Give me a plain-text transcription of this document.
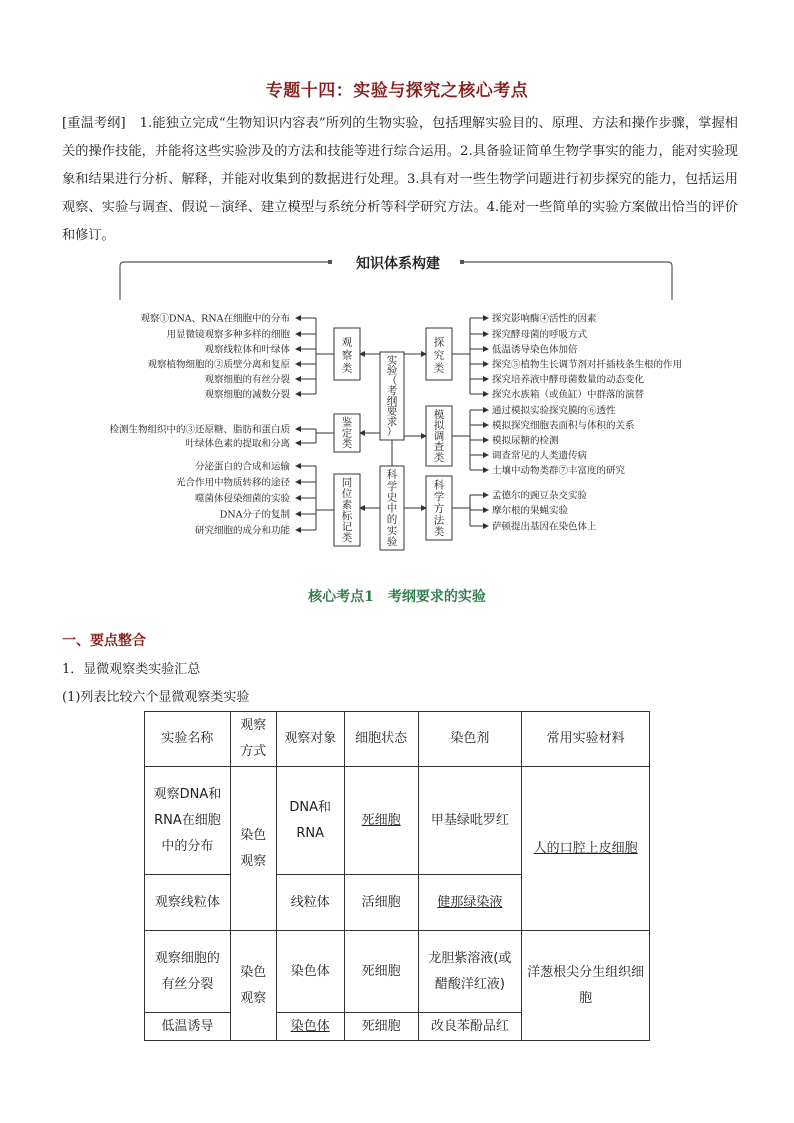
专题十四：实验与探究之核心考点
[重温考纲] 1.能独立完成“生物知识内容表”所列的生物实验，包括理解实验目的、原理、方法和操作步骤，掌握相关的操作技能，并能将这些实验涉及的方法和技能等进行综合运用。2.具备验证简单生物学事实的能力，能对实验现象和结果进行分析、解释，并能对收集到的数据进行处理。3.具有对一些生物学问题进行初步探究的能力，包括运用观察、实验与调查、假说－演绎、建立模型与系统分析等科学研究方法。4.能对一些简单的实验方案做出恰当的评价和修订。
知识体系构建
实验（考纲要求）
科学史中的实验
观察类
观察①DNA、RNA在细胞中的分布
用显微镜观察多种多样的细胞
观察线粒体和叶绿体
观察植物细胞的②质壁分离和复原
观察细胞的有丝分裂
观察细胞的减数分裂
鉴定类
检测生物组织中的③还原糖、脂肪和蛋白质
叶绿体色素的提取和分离
同位素标记类
分泌蛋白的合成和运输
光合作用中物质转移的途径
噬菌体侵染细菌的实验
DNA分子的复制
研究细胞的成分和功能
探究类
探究影响酶④活性的因素
探究酵母菌的呼吸方式
低温诱导染色体加倍
探究⑤植物生长调节剂对扦插枝条生根的作用
探究培养液中酵母菌数量的动态变化
探究水族箱（或鱼缸）中群落的演替
模拟调查类
通过模拟实验探究膜的⑥透性
模拟探究细胞表面积与体积的关系
模拟尿糖的检测
调查常见的人类遗传病
土壤中动物类群⑦丰富度的研究
科学方法类
孟德尔的豌豆杂交实验
摩尔根的果蝇实验
萨顿提出基因在染色体上
核心考点1　考纲要求的实验
一、要点整合
1．显微观察类实验汇总
(1)列表比较六个显微观察类实验
实验名称	观察方式	观察对象	细胞状态	染色剂	常用实验材料
观察DNA和RNA在细胞中的分布	染色观察	DNA和RNA	死细胞	甲基绿吡罗红	人的口腔上皮细胞
观察线粒体		线粒体	活细胞	健那绿染液	
观察细胞的有丝分裂	染色观察	染色体	死细胞	龙胆紫溶液(或醋酸洋红液)	洋葱根尖分生组织细胞
低温诱导		染色体	死细胞	改良苯酚品红	
